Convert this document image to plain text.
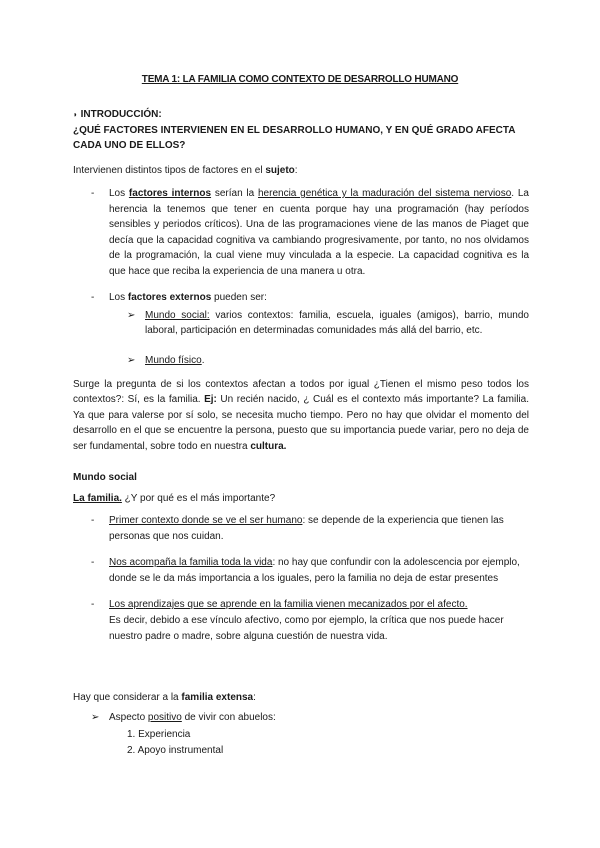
TEMA 1: LA FAMILIA COMO CONTEXTO DE DESARROLLO HUMANO

◗ INTRODUCCIÓN:

¿QUÉ FACTORES INTERVIENEN EN EL DESARROLLO HUMANO, Y EN QUÉ GRADO AFECTA

CADA UNO DE ELLOS?

Intervienen distintos tipos de factores en el sujeto:

- Los factores internos serían la herencia genética y la maduración del sistema nervioso. La herencia la tenemos que tener en cuenta porque hay una programación (hay períodos sensibles y periodos críticos). Una de las programaciones viene de las manos de Piaget que decía que la capacidad cognitiva va cambiando progresivamente, por tanto, no nos olvidamos de la programación, la cual viene muy vinculada a la especie. La capacidad cognitiva es la que hace que reciba la experiencia de una manera u otra.

- Los factores externos pueden ser:

➢ Mundo social: varios contextos: familia, escuela, iguales (amigos), barrio, mundo laboral, participación en determinadas comunidades más allá del barrio, etc.

➢ Mundo físico.

Surge la pregunta de si los contextos afectan a todos por igual ¿Tienen el mismo peso todos los contextos?: Sí, es la familia. Ej: Un recién nacido, ¿ Cuál es el contexto más importante? La familia. Ya que para valerse por sí solo, se necesita mucho tiempo. Pero no hay que olvidar el momento del desarrollo en el que se encuentre la persona, puesto que su importancia puede variar, pero no deja de ser fundamental, sobre todo en nuestra cultura.

Mundo social

La familia. ¿Y por qué es el más importante?

- Primer contexto donde se ve el ser humano: se depende de la experiencia que tienen las

personas que nos cuidan.

- Nos acompaña la familia toda la vida: no hay que confundir con la adolescencia por ejemplo,

donde se le da más importancia a los iguales, pero la familia no deja de estar presentes

- Los aprendizajes que se aprende en la familia vienen mecanizados por el afecto.

Es decir, debido a ese vínculo afectivo, como por ejemplo, la crítica que nos puede hacer

nuestro padre o madre, sobre alguna cuestión de nuestra vida.

Hay que considerar a la familia extensa:

➢ Aspecto positivo de vivir con abuelos:

1. Experiencia

2. Apoyo instrumental
